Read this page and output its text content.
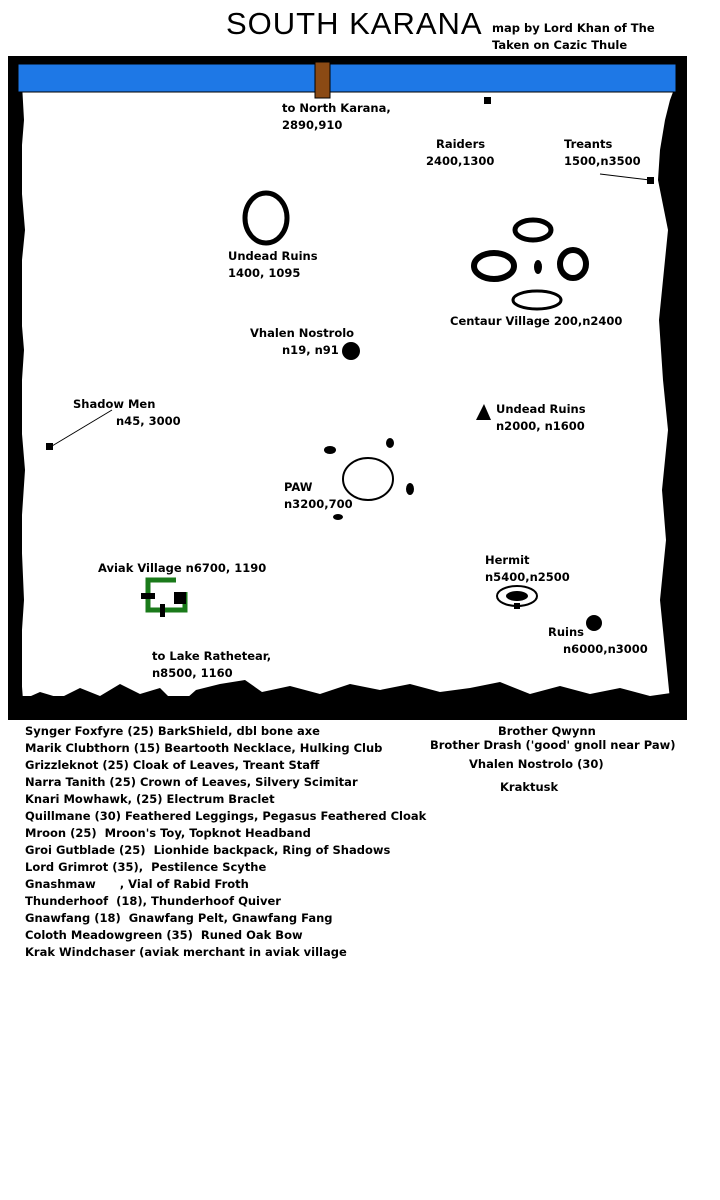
SOUTH KARANA map by Lord Khan of The
Taken on Cazic Thule
to North Karana,
2890,910
Raiders
2400,1300
Treants
1500,n3500
Undead Ruins
1400, 1095
Centaur Village 200,n2400
Vhalen Nostrolo
n19, n91
Shadow Men
n45, 3000
Undead Ruins
n2000, n1600
PAW
n3200,700
Aviak Village n6700, 1190
Hermit
n5400,n2500
Ruins
n6000,n3000
to Lake Rathetear,
n8500, 1160
Synger Foxfyre (25) BarkShield, dbl bone axe
Marik Clubthorn (15) Beartooth Necklace, Hulking Club
Grizzleknot (25) Cloak of Leaves, Treant Staff
Narra Tanith (25) Crown of Leaves, Silvery Scimitar
Knari Mowhawk, (25) Electrum Braclet
Quillmane (30) Feathered Leggings, Pegasus Feathered Cloak
Mroon (25)  Mroon's Toy, Topknot Headband
Groi Gutblade (25)  Lionhide backpack, Ring of Shadows
Lord Grimrot (35),  Pestilence Scythe
Gnashmaw      , Vial of Rabid Froth
Thunderhoof  (18), Thunderhoof Quiver
Gnawfang (18)  Gnawfang Pelt, Gnawfang Fang
Coloth Meadowgreen (35)  Runed Oak Bow
Krak Windchaser (aviak merchant in aviak village
Brother Qwynn
Brother Drash ('good' gnoll near Paw)
Vhalen Nostrolo (30)
Kraktusk
